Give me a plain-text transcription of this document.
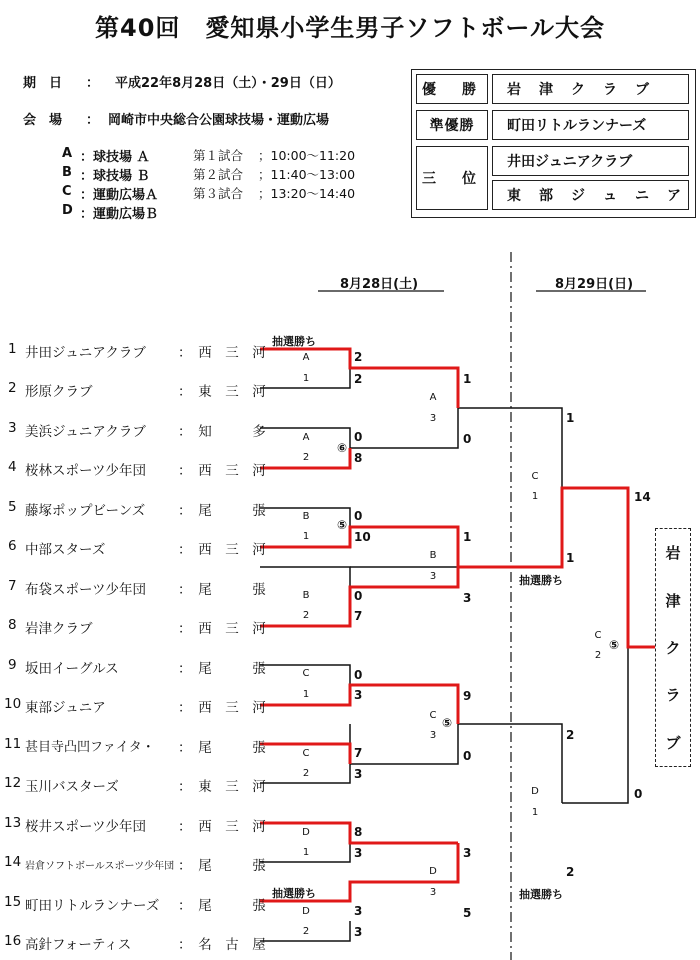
第40回　愛知県小学生男子ソフトボール大会
期　日 ： 平成22年8月28日（土）・29日（日）
会　場 ： 岡崎市中央総合公園球技場・運動広場
A ：球技場 Ａ
B ：球技場 Ｂ
C ：運動広場Ａ
D ：運動広場Ｂ
第１試合 ；10:00～11:20
第２試合 ；11:40～13:00
第３試合 ；13:20～14:40
優　勝	岩　津　ク　ラ　ブ
準優勝	町田リトルランナーズ
三　位
井田ジュニアクラブ
東　部　ジ　ュ　ニ　ア
8月28日(土)	8月29日(日)
1 井田ジュニアクラブ ：　西　三　河
2 形原クラブ	：　東　三　河
3 美浜ジュニアクラブ ：　知　　　多
4 桜林スポーツ少年団 ：　西　三　河
5 藤塚ポップビーンズ ：　尾　　　張
6 中部スターズ	：　西　三　河
7 布袋スポーツ少年団 ：　尾　　　張
8 岩津クラブ	：　西　三　河
9 坂田イーグルス	：　尾　　　張
10 東部ジュニア	：　西　三　河
11 甚目寺凸凹ファイタ・ ：　尾　　　張
12 玉川バスターズ	：　東　三　河
13 桜井スポーツ少年団 ：　西　三　河
14 岩倉ソフトボールスポーツ少年団 ：　尾　　　張
15 町田リトルランナーズ ：　尾　　　張
16 高針フォーティス	：　名　古　屋
抽選勝ち
A
1
2
2
A
2
⑥
0
8
B
1
⑤
0
10
B
2
0
7
C
1
0
3
C
2
7
3
D
1
8
3
抽選勝ち
D
2
3
3
A
3
1
0
B
3
1
3
C
3
⑤
9
0
D
3
3
5
C
1
1
1
抽選勝ち
D
1
2
2
抽選勝ち
C
2
⑤
14
0
岩
津
ク
ラ
ブ
